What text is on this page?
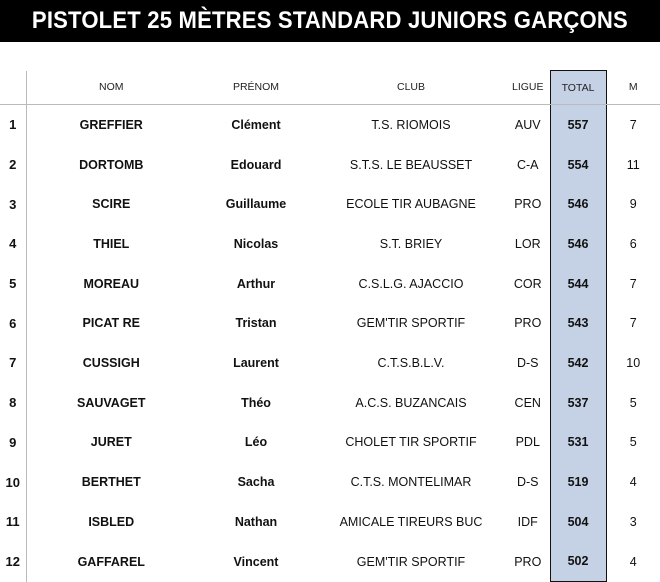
PISTOLET 25 MÈTRES STANDARD JUNIORS GARÇONS
	NOM	PRÉNOM	CLUB	LIGUE	TOTAL	M
1	GREFFIER	Clément	T.S. RIOMOIS	AUV	557	7
2	DORTOMB	Edouard	S.T.S. LE BEAUSSET	C-A	554	11
3	SCIRE	Guillaume	ECOLE TIR AUBAGNE	PRO	546	9
4	THIEL	Nicolas	S.T. BRIEY	LOR	546	6
5	MOREAU	Arthur	C.S.L.G. AJACCIO	COR	544	7
6	PICAT RE	Tristan	GEM'TIR SPORTIF	PRO	543	7
7	CUSSIGH	Laurent	C.T.S.B.L.V.	D-S	542	10
8	SAUVAGET	Théo	A.C.S. BUZANCAIS	CEN	537	5
9	JURET	Léo	CHOLET TIR SPORTIF	PDL	531	5
10	BERTHET	Sacha	C.T.S. MONTELIMAR	D-S	519	4
11	ISBLED	Nathan	AMICALE TIREURS BUC	IDF	504	3
12	GAFFAREL	Vincent	GEM'TIR SPORTIF	PRO	502	4
